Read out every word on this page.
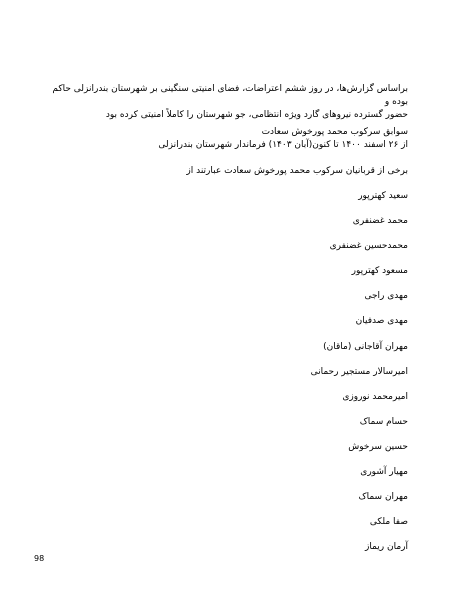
براساس گزارش‌ها، در روز ششم اعتراضات، فضای امنیتی سنگینی بر شهرستان بندرانزلی حاکم بوده و
حضور گسترده نیروهای گارد ویژه انتظامی، جو شهرستان را کاملاً امنیتی کرده بود
سوابق سرکوب محمد پورخوش سعادت
از ۲۶ اسفند ۱۴۰۰ تا کنون(آبان ۱۴۰۳) فرماندار شهرستان بندرانزلی
برخی از قربانیان سرکوب محمد پورخوش سعادت عبارتند از
سعید کهترپور
محمد غضنفری
محمدحسین غضنفری
مسعود کهترپور
مهدی راجی
مهدی صدفیان
مهران آقاجانی (ماقان)
امیرسالار مستجیر رحمانی
امیرمحمد نوروزی
حسام سماک
حسین سرخوش
مهیار آشوری
مهران سماک
صفا ملکی
آرمان ریماز
98
